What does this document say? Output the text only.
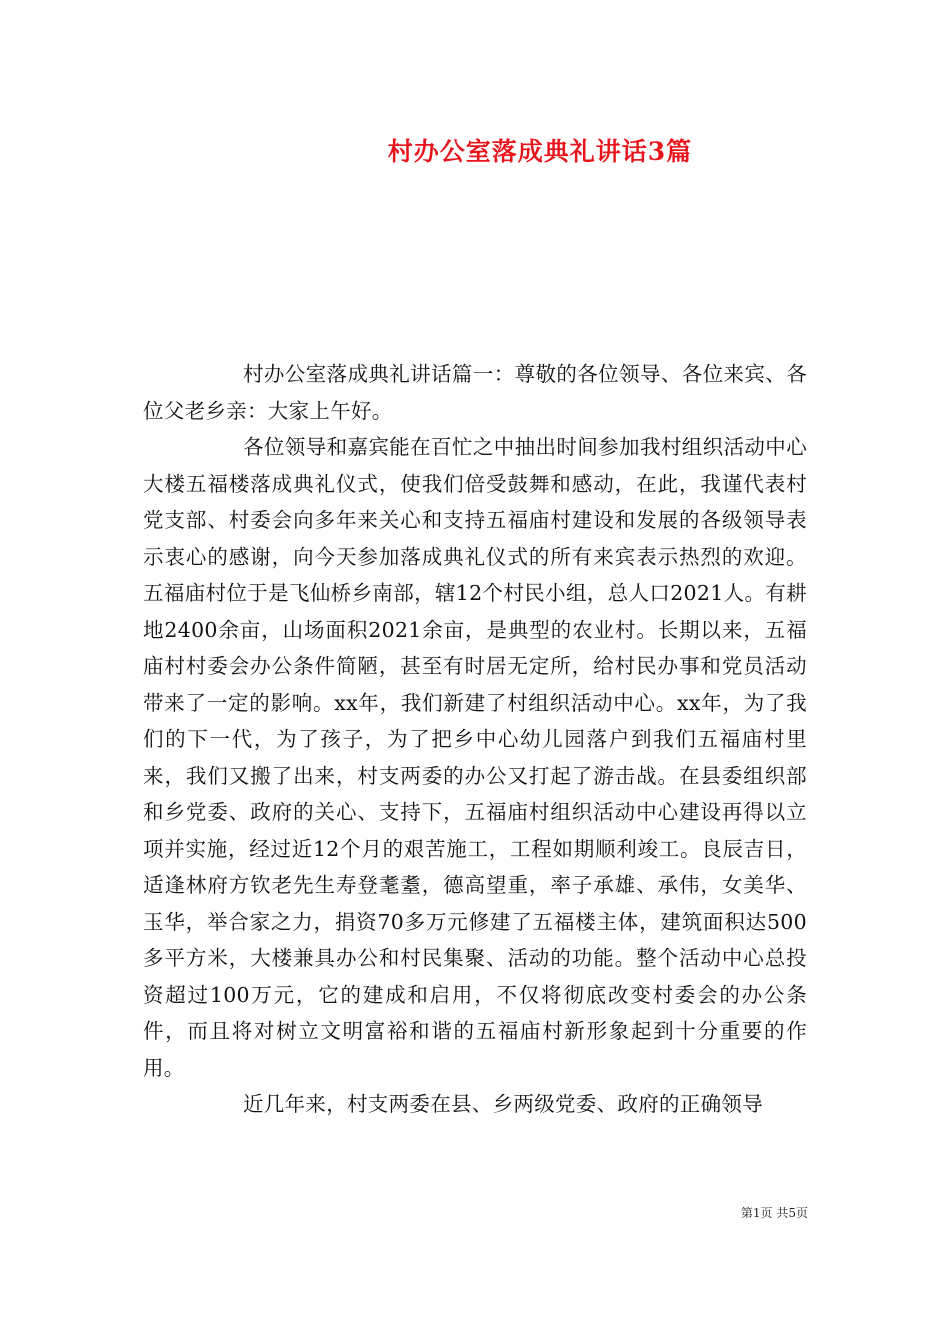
村办公室落成典礼讲话3篇

村办公室落成典礼讲话篇一：尊敬的各位领导、各位来宾、各位父老乡亲：大家上午好。

各位领导和嘉宾能在百忙之中抽出时间参加我村组织活动中心大楼五福楼落成典礼仪式，使我们倍受鼓舞和感动，在此，我谨代表村党支部、村委会向多年来关心和支持五福庙村建设和发展的各级领导表示衷心的感谢，向今天参加落成典礼仪式的所有来宾表示热烈的欢迎。五福庙村位于是飞仙桥乡南部，辖12个村民小组，总人口2021人。有耕地2400余亩，山场面积2021余亩，是典型的农业村。长期以来，五福庙村村委会办公条件简陋，甚至有时居无定所，给村民办事和党员活动带来了一定的影响。xx年，我们新建了村组织活动中心。xx年，为了我们的下一代，为了孩子，为了把乡中心幼儿园落户到我们五福庙村里来，我们又搬了出来，村支两委的办公又打起了游击战。在县委组织部和乡党委、政府的关心、支持下，五福庙村组织活动中心建设再得以立项并实施，经过近12个月的艰苦施工，工程如期顺利竣工。良辰吉日，适逢林府方钦老先生寿登耄耋，德高望重，率子承雄、承伟，女美华、玉华，举合家之力，捐资70多万元修建了五福楼主体，建筑面积达500多平方米，大楼兼具办公和村民集聚、活动的功能。整个活动中心总投资超过100万元，它的建成和启用，不仅将彻底改变村委会的办公条件，而且将对树立文明富裕和谐的五福庙村新形象起到十分重要的作用。

近几年来，村支两委在县、乡两级党委、政府的正确领导

第1页 共5页
